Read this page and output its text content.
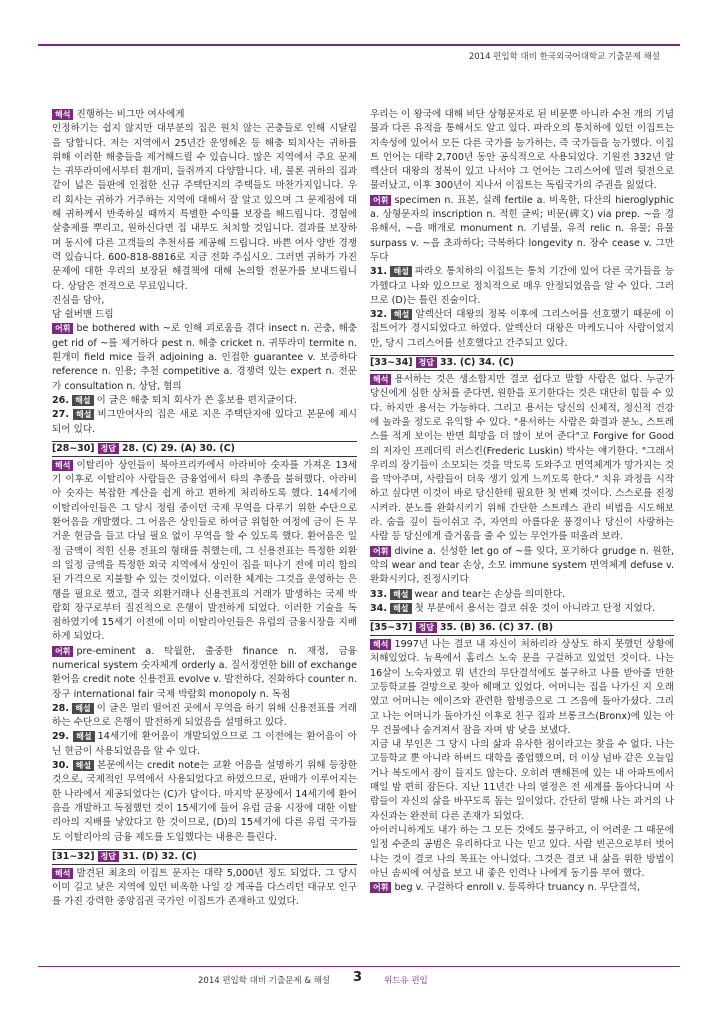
2014 편입학 대비 한국외국어대학교 기출문제 해설

해석 진행하는 비그만 여사에게

인정하기는 쉽지 않지만 대부분의 집은 원치 않는 곤충들로 인해 시달림을 당합니다. 저는 지역에서 25년간 운영해온 등 해충 퇴치사는 귀하를 위해 이러한 해충들을 제거해드릴 수 있습니다. 많은 지역에서 주요 문제는 귀뚜라미에서부터 흰개미, 들쥐까지 다양합니다. 네, 물론 귀하의 집과 같이 넓은 들판에 인접한 신규 주택단지의 주택들도 마찬가지입니다. 우리 회사는 귀하가 거주하는 지역에 대해서 잘 알고 있으며 그 문제점에 대해 귀하께서 반죽하실 때까지 특별한 수익률 보장을 해드립니다. 경험에 살충제를 뿌리고, 원하신다면 집 내부도 처치할 것입니다. 결과를 보장하며 동시에 다른 고객들의 추천서를 제공해 드립니다. 바쁜 여사 양반 경쟁력 있습니다. 600-818-8816로 지금 전화 주십시오. 그러면 귀하가 가진 문제에 대한 우리의 보장된 해결책에 대해 논의할 전문가를 보내드립니다. 상담은 전적으로 무료입니다.

진심을 담아,

담 쉴버맨 드림

어휘 be bothered with ~로 인해 괴로움을 겪다 insect n. 곤충, 해충 get rid of ~를 제거하다 pest n. 해충 cricket n. 귀뚜라미 termite n. 흰개미 field mice 들쥐 adjoining a. 인접한 guarantee v. 보증하다 reference n. 인용; 추천 competitive a. 경쟁력 있는 expert n. 전문가 consultation n. 상담, 협의

26. 해설 이 글은 해충 퇴치 회사가 쓴 홍보용 편지글이다.

27. 해설 비그만여사의 집은 새로 지은 주택단지에 있다고 본문에 제시되어 있다.

[28~30] 정답 28. (C) 29. (A) 30. (C)

해석 이탈리아 상인들이 북아프리카에서 아라비아 숫자를 가져온 13세기 이후로 이탈리아 사람들은 금융업에서 타의 추종을 불허했다. 아라비아 숫자는 복잡한 계산을 쉽게 하고 편하게 처리하도록 했다. 14세기에 이탈리아인들은 그 당시 정립 중이던 국제 무역을 다루기 위한 수단으로 환어음을 개발했다. 그 어음은 상인들로 하여금 위험한 여정에 금이 든 무거운 현금을 들고 다닐 필요 없이 무역을 할 수 있도록 했다. 환어음은 일정 금액이 적힌 신용 전표의 형태를 취했는데, 그 신용전표는 특정한 외환의 일정 금액을 특정한 외국 지역에서 상인이 집을 떠나기 전에 미리 합의된 가격으로 지불할 수 있는 것이었다. 이러한 체계는 그것을 운영하는 은행을 필요로 했고, 결국 외환거래나 신용전표의 거래가 발생하는 국제 박람회 장구로부터 질진적으로 은행이 발전하게 되었다. 이러한 기술을 독점하였기에 15세기 이전에 이미 이탈리아인들은 유럽의 금융시장을 지배하게 되었다.

어휘 pre-eminent a. 탁월한, 출중한 finance n. 재정, 금융 numerical system 숫자체계 orderly a. 질서정연한 bill of exchange 환어음 credit note 신용전표 evolve v. 발전하다, 진화하다 counter n. 장구 international fair 국제 박람회 monopoly n. 독점

28. 해설 이 글은 멀리 떨어진 곳에서 무역을 하기 위해 신용전표를 거래하는 수단으로 은행이 발전하게 되었음을 설명하고 있다.

29. 해설 14세기에 환어음이 개발되었으므로 그 이전에는 환어음이 아닌 현금이 사용되었음을 알 수 있다.

30. 해설 본문에서는 credit note는 교환 어음을 설명하기 위해 등장한 것으로, 국제적인 무역에서 사용되었다고 하였으므로, 판매가 이루어지는 한 나라에서 제공되었다는 (C)가 답이다. 마지막 문장에서 14세기에 환어음을 개발하고 독점했던 것이 15세기에 들어 유럽 금융 시장에 대한 이탈리아의 지배를 낳았다고 한 것이므로, (D)의 15세기에 다른 유럽 국가들도 이탈리아의 금융 제도를 도입했다는 내용은 틀린다.

[31~32] 정답 31. (D) 32. (C)

해석 발견된 최초의 이집트 문자는 대략 5,000년 정도 되었다. 그 당시 이미 길고 낮은 지역에 있던 비옥한 나일 강 계곡을 다스리던 대규모 인구를 가진 강력한 중앙집권 국가인 이집트가 존재하고 있었다.

우리는 이 왕국에 대해 비단 상형문자로 된 비문뿐 아니라 수천 개의 기념물과 다른 유적을 통해서도 알고 있다. 파라오의 통치하에 있던 이집트는 지속성에 있어서 모든 다른 국가를 능가하는, 즉 국가들을 능가했다. 이집트 언어는 대략 2,700년 동안 공식적으로 사용되었다. 기원전 332년 알렉산더 대왕의 정복이 있고 나서야 그 언어는 그리스어에 밀려 뒷전으로 물러났고, 이후 300년이 지나서 이집트는 독립국가의 주권을 잃었다.

어휘 specimen n. 표본, 실례 fertile a. 비옥한, 다산의 hieroglyphic a. 상형문자의 inscription n. 적힌 글씨; 비문(碑文) via prep. ~을 경유해서, ~을 매개로 monument n. 기념물, 유적 relic n. 유물; 유물 surpass v. ~을 초과하다; 극복하다 longevity n. 장수 cease v. 그만두다

31. 해설 파라오 통치하의 이집트는 통치 기간에 있어 다른 국가들을 능가했다고 나와 있으므로 정치적으로 매우 안정되었음을 알 수 있다. 그러므로 (D)는 틀린 진술이다.

32. 해설 알렉산더 대왕의 정복 이후에 그리스어를 선호했기 때문에 이집트어가 경시되었다고 하였다. 알렉산더 대왕은 마케도니아 사람이었지만, 당시 그리스어를 선호했다고 간주되고 있다.

[33~34] 정답 33. (C) 34. (C)

해석 용서하는 것은 생소합지만 결코 쉽다고 말할 사람은 없다. 누군가 당신에게 심한 상처를 준다면, 원한을 포기한다는 것은 대단히 힘들 수 있다. 하지만 용서는 가능하다. 그리고 용서는 당신의 신체적, 정신적 건강에 놀라울 정도로 유익할 수 있다. "용서하는 사람은 화결과 분노, 스트레스를 적게 보이는 반면 희망을 더 많이 보여 준다"고 Forgive for Good의 저자인 프레더릭 러스킨(Frederic Luskin) 박사는 얘기한다. "그래서 우리의 장기들이 소모되는 것을 막도록 도와주고 면역체계가 망가지는 것을 막아주며, 사람들이 더욱 생기 있게 느끼도록 한다." 치유 과정을 시작하고 싶다면 이것이 바로 당신한테 필요한 첫 번째 것이다. 스스로를 진정시켜라. 분노를 완화시키기 위해 간단한 스트레스 관리 비법을 시도해보라. 숨을 깊이 들이쉬고 주, 자연의 아름다운 풍경이나 당신이 사랑하는 사람 등 당신에게 즐거움을 줄 수 있는 무언가를 떠올려 보라.

어휘 divine a. 신성한 let go of ~를 잊다, 포기하다 grudge n. 원한, 악의 wear and tear 손상, 소모 immune system 면역체계 defuse v. 완화시키다, 진정시키다

33. 해설 wear and tear는 손상을 의미한다.

34. 해설 첫 부분에서 용서는 결코 쉬운 것이 아니라고 단정 지었다.

[35~37] 정답 35. (B) 36. (C) 37. (B)

해석 1997년 나는 결코 내 자신이 처하리라 상상도 하지 못했던 상황에 처해있었다. 뉴욕에서 홈리스 노숙 문을 구걸하고 있었던 것이다. 나는 16살이 노숙자였고 뭐 년간의 무단결석에도 불구하고 나를 받아줄 만한 고등학교를 걸망으로 찾아 헤매고 있었다. 어머니는 집을 나가신 지 오래였고 어머니는 에이즈와 관련한 합병증으로 그 즈음에 돌아가셨다. 그리고 나는 어머니가 돌아가신 이후로 친구 집과 브롱크스(Bronx)에 있는 아무 건물에나 숨겨져서 잠을 자며 밤 낮을 보냈다.

지금 내 부인은 그 당시 나의 삶과 유사한 점이라고는 찾을 수 없다. 나는 고등학교 뿐 아니라 하버드 대학을 졸업했으며, 더 이상 넘바 같은 오늘입거나 복도에서 잠이 들지도 않는다. 오히려 맨해튼에 있는 내 아파트에서 매일 밤 편히 잠든다. 지난 11년간 나의 열정은 전 세계를 돌아다니며 사람들이 자신의 삶을 바꾸도록 돕는 일이었다. 간단히 말해 나는 과거의 나 자신과는 완전히 다른 존재가 되었다.

아이러니하게도 내가 하는 그 모든 것에도 불구하고, 이 어려운 그 때문에 일정 수준의 공범은 유리하다고 나는 믿고 있다. 사람 빈곤으로부터 벗어나는 것이 결코 나의 목표는 아니었다. 그것은 결코 내 삶을 위한 방법이 아닌 솜씨에 여성을 보고 내 좋은 인력나 나에게 동기를 부여 했다.

어휘 beg v. 구걸하다 enroll v. 등록하다 truancy n. 무단결석,

2014 편입학 대비 기출문제 & 해설 3	위드유 편입
